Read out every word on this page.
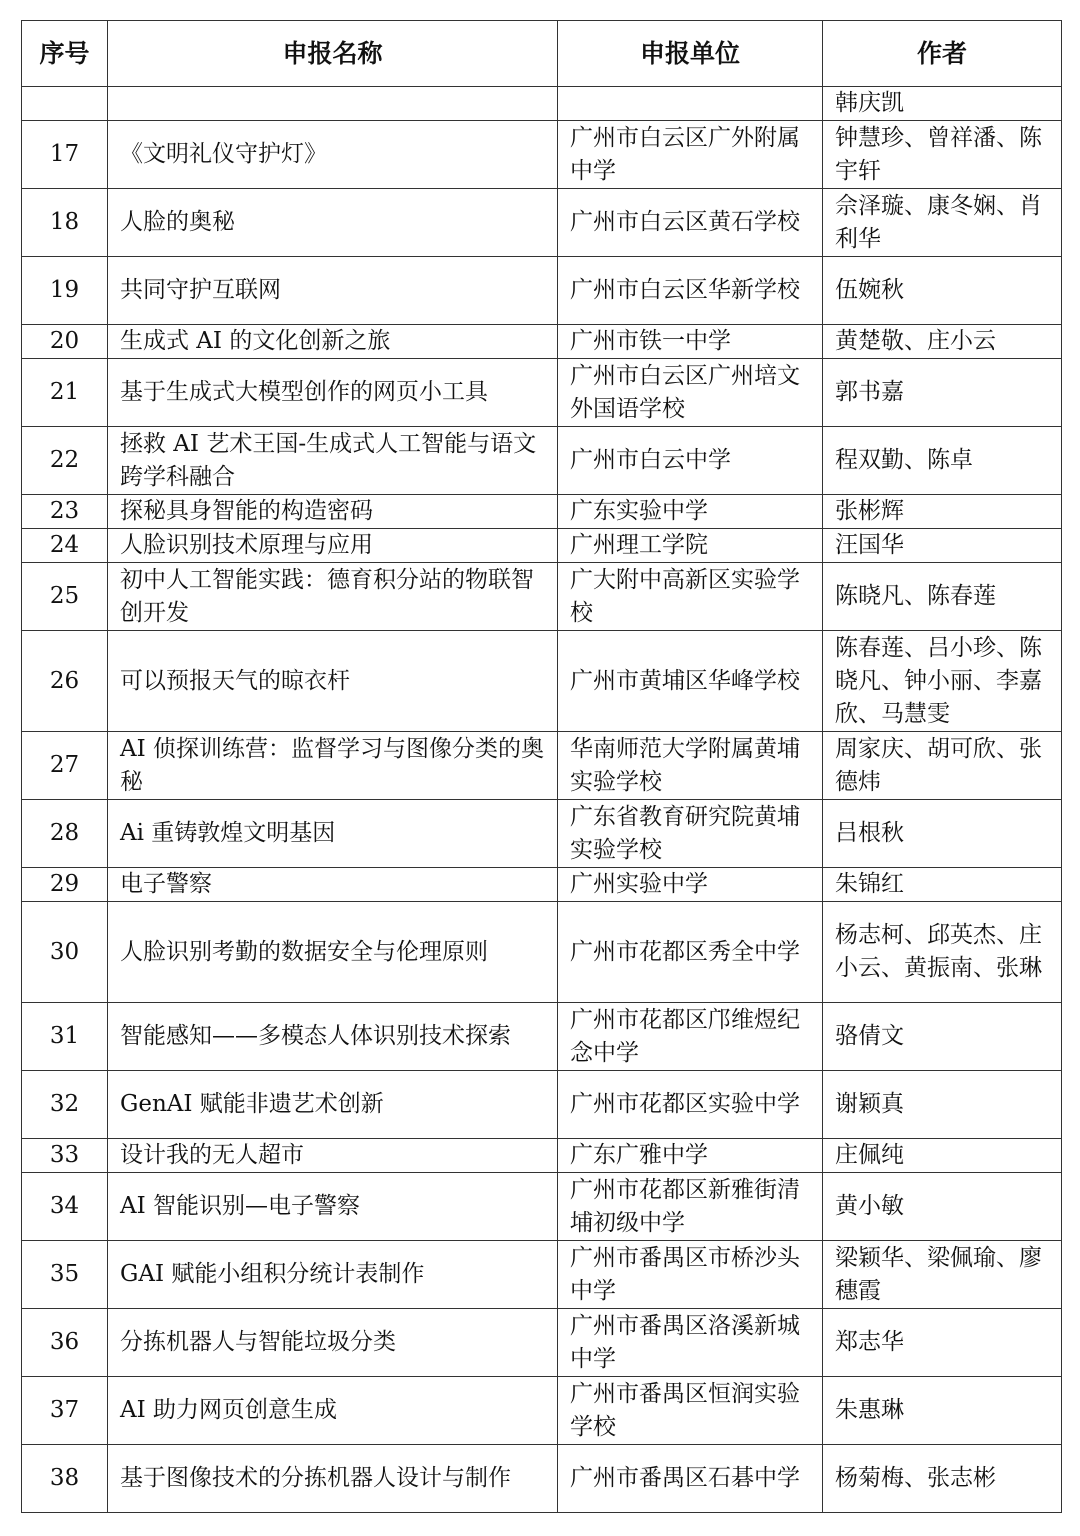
序号	申报名称	申报单位	作者
			韩庆凯
17	《文明礼仪守护灯》	广州市白云区广外附属中学	钟慧珍、曾祥潘、陈宇轩
18	人脸的奥秘	广州市白云区黄石学校	佘泽璇、康冬娴、肖利华
19	共同守护互联网	广州市白云区华新学校	伍婉秋
20	生成式 AI 的文化创新之旅	广州市铁一中学	黄楚敬、庄小云
21	基于生成式大模型创作的网页小工具	广州市白云区广州培文外国语学校	郭书嘉
22	拯救 AI 艺术王国-生成式人工智能与语文跨学科融合	广州市白云中学	程双勤、陈卓
23	探秘具身智能的构造密码	广东实验中学	张彬辉
24	人脸识别技术原理与应用	广州理工学院	汪国华
25	初中人工智能实践：德育积分站的物联智创开发	广大附中高新区实验学校	陈晓凡、陈春莲
26	可以预报天气的晾衣杆	广州市黄埔区华峰学校	陈春莲、吕小珍、陈晓凡、钟小丽、李嘉欣、马慧雯
27	AI 侦探训练营：监督学习与图像分类的奥秘	华南师范大学附属黄埔实验学校	周家庆、胡可欣、张德炜
28	Ai 重铸敦煌文明基因	广东省教育研究院黄埔实验学校	吕根秋
29	电子警察	广州实验中学	朱锦红
30	人脸识别考勤的数据安全与伦理原则	广州市花都区秀全中学	杨志柯、邱英杰、庄小云、黄振南、张琳
31	智能感知——多模态人体识别技术探索	广州市花都区邝维煜纪念中学	骆倩文
32	GenAI 赋能非遗艺术创新	广州市花都区实验中学	谢颖真
33	设计我的无人超市	广东广雅中学	庄佩纯
34	AI 智能识别—电子警察	广州市花都区新雅街清埔初级中学	黄小敏
35	GAI 赋能小组积分统计表制作	广州市番禺区市桥沙头中学	梁颖华、梁佩瑜、廖穗霞
36	分拣机器人与智能垃圾分类	广州市番禺区洛溪新城中学	郑志华
37	AI 助力网页创意生成	广州市番禺区恒润实验学校	朱惠琳
38	基于图像技术的分拣机器人设计与制作	广州市番禺区石碁中学	杨菊梅、张志彬
